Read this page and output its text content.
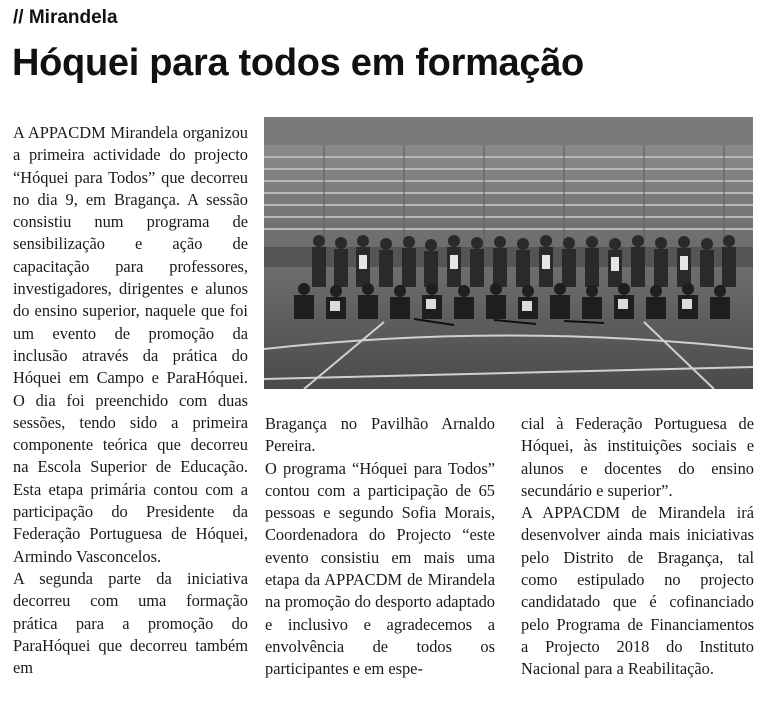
// Mirandela
Hóquei para todos em formação

A APPACDM Mirandela organizou a primeira actividade do projecto “Hóquei para Todos” que decorreu no dia 9, em Bragança. A sessão consistiu num programa de sensibilização e ação de capacitação para professores, investigadores, dirigentes e alunos do ensino superior, naquele que foi um evento de promoção da inclusão através da prática do Hóquei em Campo e ParaHóquei. O dia foi preenchido com duas sessões, tendo sido a primeira componente teórica que decorreu na Escola Superior de Educação. Esta etapa primária contou com a participação do Presidente da Federação Portuguesa de Hóquei, Armindo Vasconcelos.

A segunda parte da iniciativa decorreu com uma formação prática para a promoção do ParaHóquei que decorreu também em

Bragança no Pavilhão Arnaldo Pereira.

O programa “Hóquei para Todos” contou com a participação de 65 pessoas e segundo Sofia Morais, Coordenadora do Projecto “este evento consistiu em mais uma etapa da APPACDM de Mirandela na promoção do desporto adaptado e inclusivo e agradecemos a envolvência de todos os participantes e em espe-

cial à Federação Portuguesa de Hóquei, às instituições sociais e alunos e docentes do ensino secundário e superior”.

A APPACDM de Mirandela irá desenvolver ainda mais iniciativas pelo Distrito de Bragança, tal como estipulado no projecto candidatado que é cofinanciado pelo Programa de Financiamentos a Projecto 2018 do Instituto Nacional para a Reabilitação.
